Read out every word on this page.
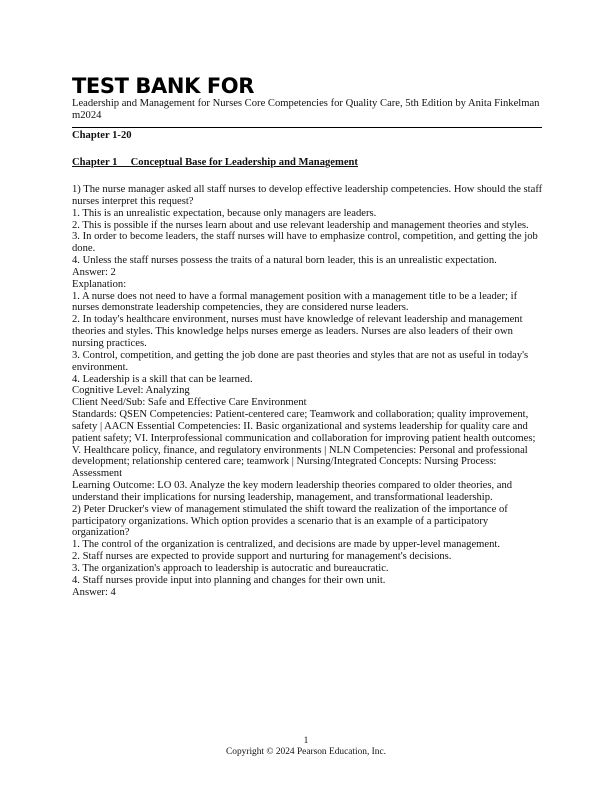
TEST BANK FOR
Leadership and Management for Nurses Core Competencies for Quality Care, 5th Edition by Anita Finkelman m2024
Chapter 1-20
Chapter 1     Conceptual Base for Leadership and Management

1) The nurse manager asked all staff nurses to develop effective leadership competencies. How should the staff nurses interpret this request?

1. This is an unrealistic expectation, because only managers are leaders.

2. This is possible if the nurses learn about and use relevant leadership and management theories and styles.

3. In order to become leaders, the staff nurses will have to emphasize control, competition, and getting the job done.

4. Unless the staff nurses possess the traits of a natural born leader, this is an unrealistic expectation.

Answer: 2

Explanation:

1. A nurse does not need to have a formal management position with a management title to be a leader; if nurses demonstrate leadership competencies, they are considered nurse leaders.

2. In today's healthcare environment, nurses must have knowledge of relevant leadership and management theories and styles. This knowledge helps nurses emerge as leaders. Nurses are also leaders of their own nursing practices.

3. Control, competition, and getting the job done are past theories and styles that are not as useful in today's environment.

4. Leadership is a skill that can be learned.

Cognitive Level: Analyzing

Client Need/Sub: Safe and Effective Care Environment

Standards: QSEN Competencies: Patient-centered care; Teamwork and collaboration; quality improvement, safety | AACN Essential Competencies: II. Basic organizational and systems leadership for quality care and patient safety; VI. Interprofessional communication and collaboration for improving patient health outcomes; V. Healthcare policy, finance, and regulatory environments | NLN Competencies: Personal and professional development; relationship centered care; teamwork | Nursing/Integrated Concepts: Nursing Process: Assessment

Learning Outcome: LO 03. Analyze the key modern leadership theories compared to older theories, and understand their implications for nursing leadership, management, and transformational leadership.

2) Peter Drucker's view of management stimulated the shift toward the realization of the importance of participatory organizations. Which option provides a scenario that is an example of a participatory organization?

1. The control of the organization is centralized, and decisions are made by upper-level management.

2. Staff nurses are expected to provide support and nurturing for management's decisions.

3. The organization's approach to leadership is autocratic and bureaucratic.

4. Staff nurses provide input into planning and changes for their own unit.

Answer: 4

1
Copyright © 2024 Pearson Education, Inc.
